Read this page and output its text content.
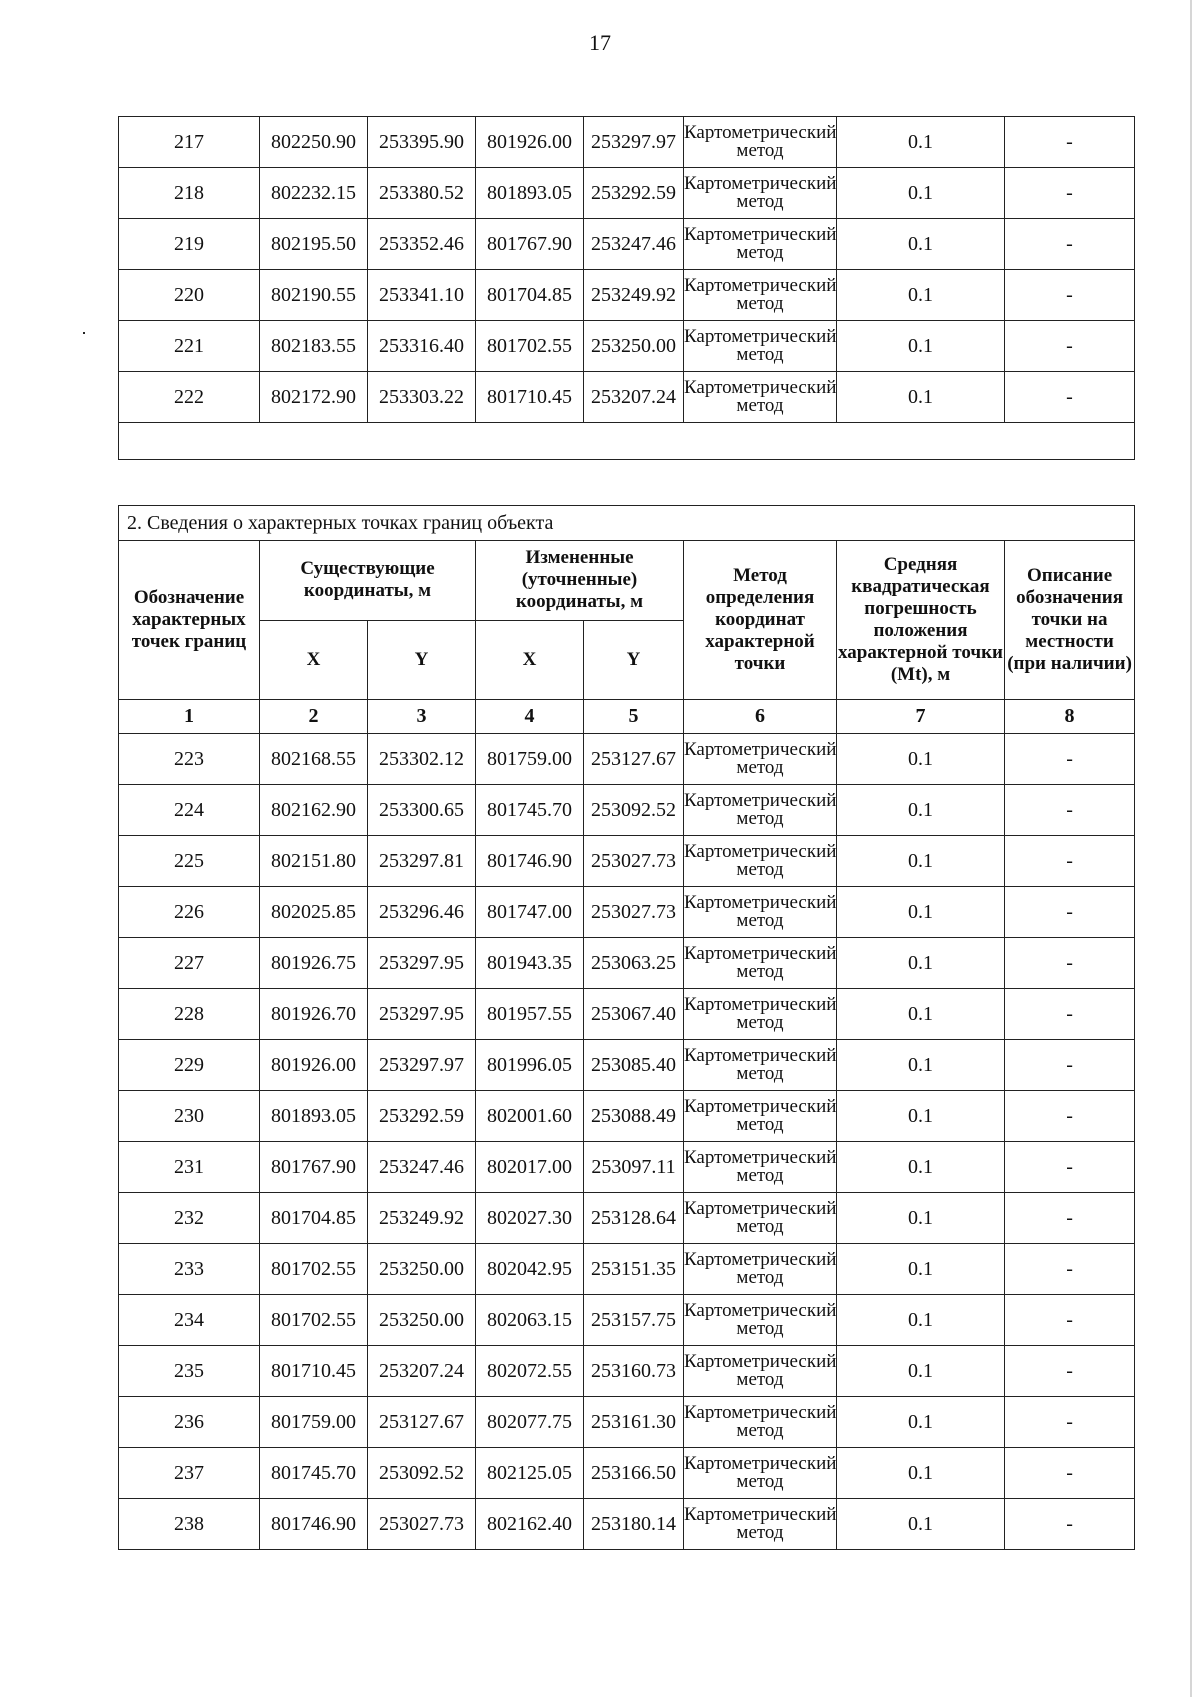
17
217	802250.90	253395.90	801926.00	253297.97	Картометрический метод	0.1	-
218	802232.15	253380.52	801893.05	253292.59	Картометрический метод	0.1	-
219	802195.50	253352.46	801767.90	253247.46	Картометрический метод	0.1	-
220	802190.55	253341.10	801704.85	253249.92	Картометрический метод	0.1	-
221	802183.55	253316.40	801702.55	253250.00	Картометрический метод	0.1	-
222	802172.90	253303.22	801710.45	253207.24	Картометрический метод	0.1	-

2. Сведения о характерных точках границ объекта							
Обозначение характерных точек границ	Существующие координаты, м		Измененные (уточненные) координаты, м		Метод определения координат характерной точки	Средняя квадратическая погрешность положения характерной точки (Mt), м	Описание обозначения точки на местности (при наличии)
	X	Y	X	Y			
1	2	3	4	5	6	7	8
223	802168.55	253302.12	801759.00	253127.67	Картометрический метод	0.1	-
224	802162.90	253300.65	801745.70	253092.52	Картометрический метод	0.1	-
225	802151.80	253297.81	801746.90	253027.73	Картометрический метод	0.1	-
226	802025.85	253296.46	801747.00	253027.73	Картометрический метод	0.1	-
227	801926.75	253297.95	801943.35	253063.25	Картометрический метод	0.1	-
228	801926.70	253297.95	801957.55	253067.40	Картометрический метод	0.1	-
229	801926.00	253297.97	801996.05	253085.40	Картометрический метод	0.1	-
230	801893.05	253292.59	802001.60	253088.49	Картометрический метод	0.1	-
231	801767.90	253247.46	802017.00	253097.11	Картометрический метод	0.1	-
232	801704.85	253249.92	802027.30	253128.64	Картометрический метод	0.1	-
233	801702.55	253250.00	802042.95	253151.35	Картометрический метод	0.1	-
234	801702.55	253250.00	802063.15	253157.75	Картометрический метод	0.1	-
235	801710.45	253207.24	802072.55	253160.73	Картометрический метод	0.1	-
236	801759.00	253127.67	802077.75	253161.30	Картометрический метод	0.1	-
237	801745.70	253092.52	802125.05	253166.50	Картометрический метод	0.1	-
238	801746.90	253027.73	802162.40	253180.14	Картометрический метод	0.1	-
